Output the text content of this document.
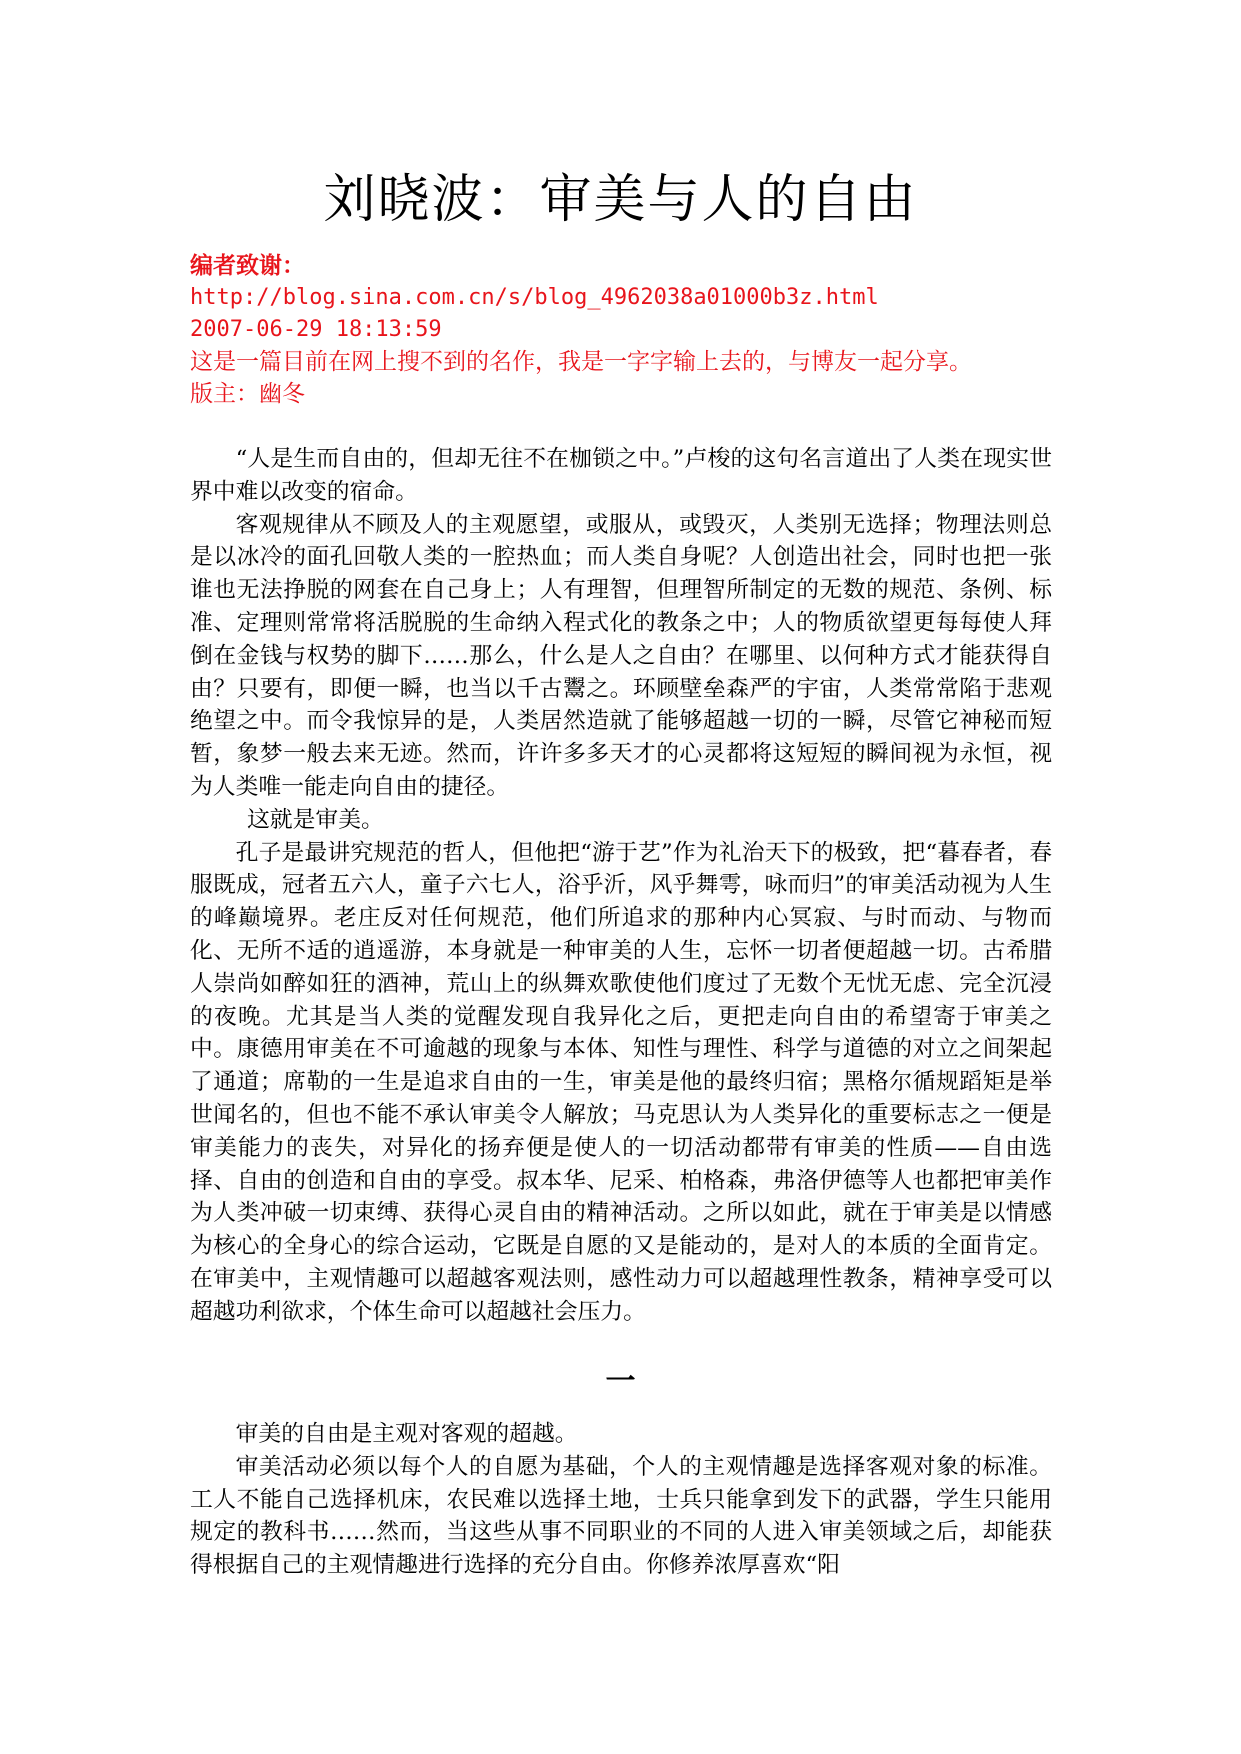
刘晓波：审美与人的自由
编者致谢：
http://blog.sina.com.cn/s/blog_4962038a01000b3z.html
2007-06-29 18:13:59
这是一篇目前在网上搜不到的名作，我是一字字输上去的，与博友一起分享。
版主：幽冬

“人是生而自由的，但却无往不在枷锁之中。”卢梭的这句名言道出了人类在现实世界中难以改变的宿命。

客观规律从不顾及人的主观愿望，或服从，或毁灭，人类别无选择；物理法则总是以冰冷的面孔回敬人类的一腔热血；而人类自身呢？人创造出社会，同时也把一张谁也无法挣脱的网套在自己身上；人有理智，但理智所制定的无数的规范、条例、标准、定理则常常将活脱脱的生命纳入程式化的教条之中；人的物质欲望更每每使人拜倒在金钱与权势的脚下……那么，什么是人之自由？在哪里、以何种方式才能获得自由？只要有，即便一瞬，也当以千古鬻之。环顾壁垒森严的宇宙，人类常常陷于悲观绝望之中。而令我惊异的是，人类居然造就了能够超越一切的一瞬，尽管它神秘而短暂，象梦一般去来无迹。然而，许许多多天才的心灵都将这短短的瞬间视为永恒，视为人类唯一能走向自由的捷径。

这就是审美。

孔子是最讲究规范的哲人，但他把“游于艺”作为礼治天下的极致，把“暮春者，春服既成，冠者五六人，童子六七人，浴乎沂，风乎舞雩，咏而归”的审美活动视为人生的峰巅境界。老庄反对任何规范，他们所追求的那种内心冥寂、与时而动、与物而化、无所不适的逍遥游，本身就是一种审美的人生，忘怀一切者便超越一切。古希腊人崇尚如醉如狂的酒神，荒山上的纵舞欢歌使他们度过了无数个无忧无虑、完全沉浸的夜晚。尤其是当人类的觉醒发现自我异化之后，更把走向自由的希望寄于审美之中。康德用审美在不可逾越的现象与本体、知性与理性、科学与道德的对立之间架起了通道；席勒的一生是追求自由的一生，审美是他的最终归宿；黑格尔循规蹈矩是举世闻名的，但也不能不承认审美令人解放；马克思认为人类异化的重要标志之一便是审美能力的丧失，对异化的扬弃便是使人的一切活动都带有审美的性质——自由选择、自由的创造和自由的享受。叔本华、尼采、柏格森，弗洛伊德等人也都把审美作为人类冲破一切束缚、获得心灵自由的精神活动。之所以如此，就在于审美是以情感为核心的全身心的综合运动，它既是自愿的又是能动的，是对人的本质的全面肯定。在审美中，主观情趣可以超越客观法则，感性动力可以超越理性教条，精神享受可以超越功利欲求，个体生命可以超越社会压力。

一

审美的自由是主观对客观的超越。

审美活动必须以每个人的自愿为基础，个人的主观情趣是选择客观对象的标准。工人不能自己选择机床，农民难以选择土地，士兵只能拿到发下的武器，学生只能用规定的教科书……然而，当这些从事不同职业的不同的人进入审美领域之后，却能获得根据自己的主观情趣进行选择的充分自由。你修养浓厚喜欢“阳
